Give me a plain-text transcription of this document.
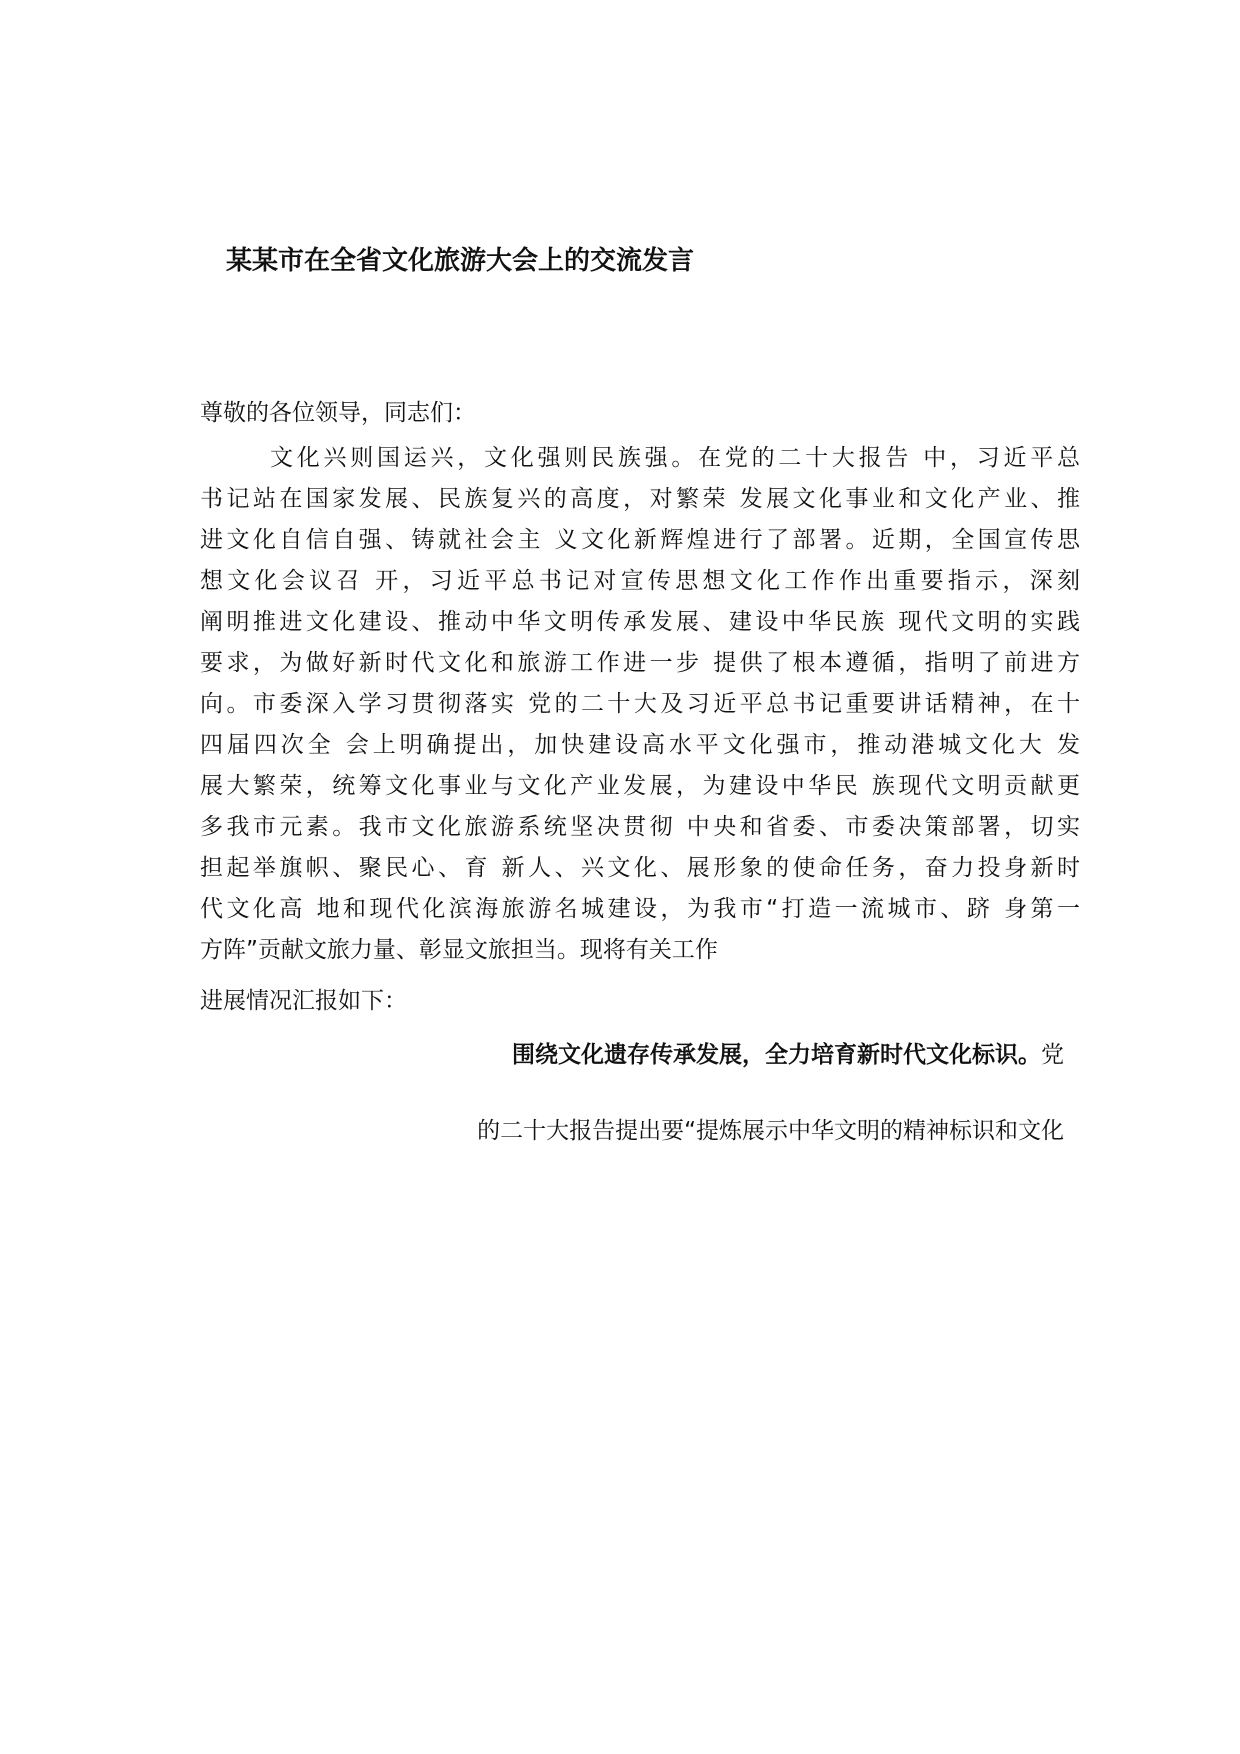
某某市在全省文化旅游大会上的交流发言
尊敬的各位领导，同志们：
文化兴则国运兴，文化强则民族强。在党的二十大报告 中，习近平总
书记站在国家发展、民族复兴的高度，对繁荣 发展文化事业和文化产业、推
进文化自信自强、铸就社会主 义文化新辉煌进行了部署。近期，全国宣传思
想文化会议召 开，习近平总书记对宣传思想文化工作作出重要指示，深刻
阐明推进文化建设、推动中华文明传承发展、建设中华民族 现代文明的实践
要求，为做好新时代文化和旅游工作进一步 提供了根本遵循，指明了前进方
向。市委深入学习贯彻落实 党的二十大及习近平总书记重要讲话精神，在十
四届四次全 会上明确提出，加快建设高水平文化强市，推动港城文化大 发
展大繁荣，统筹文化事业与文化产业发展，为建设中华民 族现代文明贡献更
多我市元素。我市文化旅游系统坚决贯彻 中央和省委、市委决策部署，切实
担起举旗帜、聚民心、育 新人、兴文化、展形象的使命任务，奋力投身新时
代文化高 地和现代化滨海旅游名城建设，为我市“打造一流城市、跻 身第一
方阵”贡献文旅力量、彰显文旅担当。现将有关工作
进展情况汇报如下：
围绕文化遗存传承发展，全力培育新时代文化标识。党
的二十大报告提出要“提炼展示中华文明的精神标识和文化
